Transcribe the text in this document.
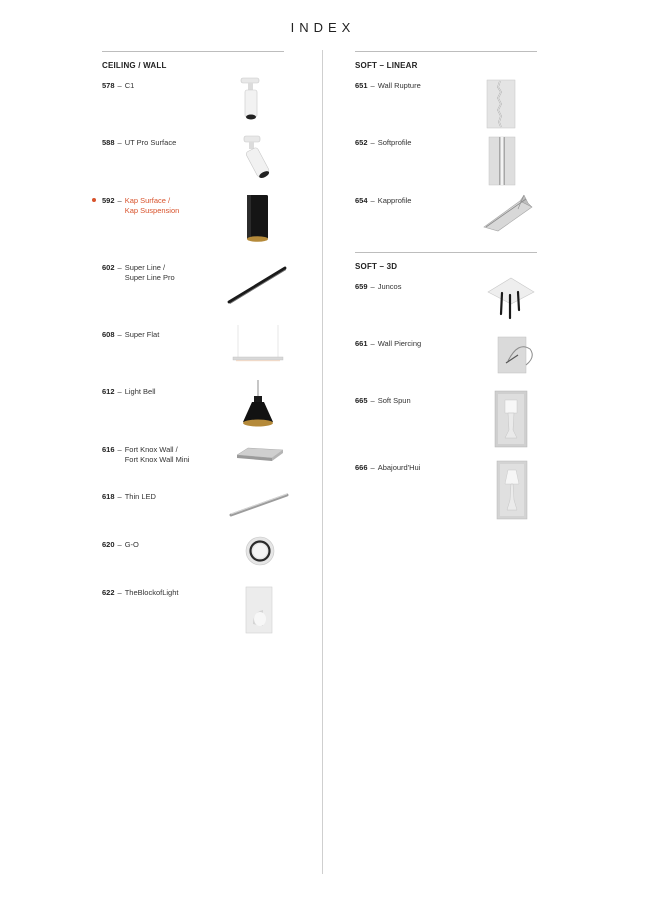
INDEX
CEILING / WALL
578 – C1
588 – UT Pro Surface
592 – Kap Surface /
Kap Suspension
602 – Super Line /
Super Line Pro
608 – Super Flat
612 – Light Bell
616 – Fort Knox Wall /
Fort Knox Wall Mini
618 – Thin LED
620 – G-O
622 – TheBlockofLight
SOFT – LINEAR
651 – Wall Rupture
652 – Softprofile
654 – Kapprofile
SOFT – 3D
659 – Juncos
661 – Wall Piercing
665 – Soft Spun
666 – Abajourd'Hui
